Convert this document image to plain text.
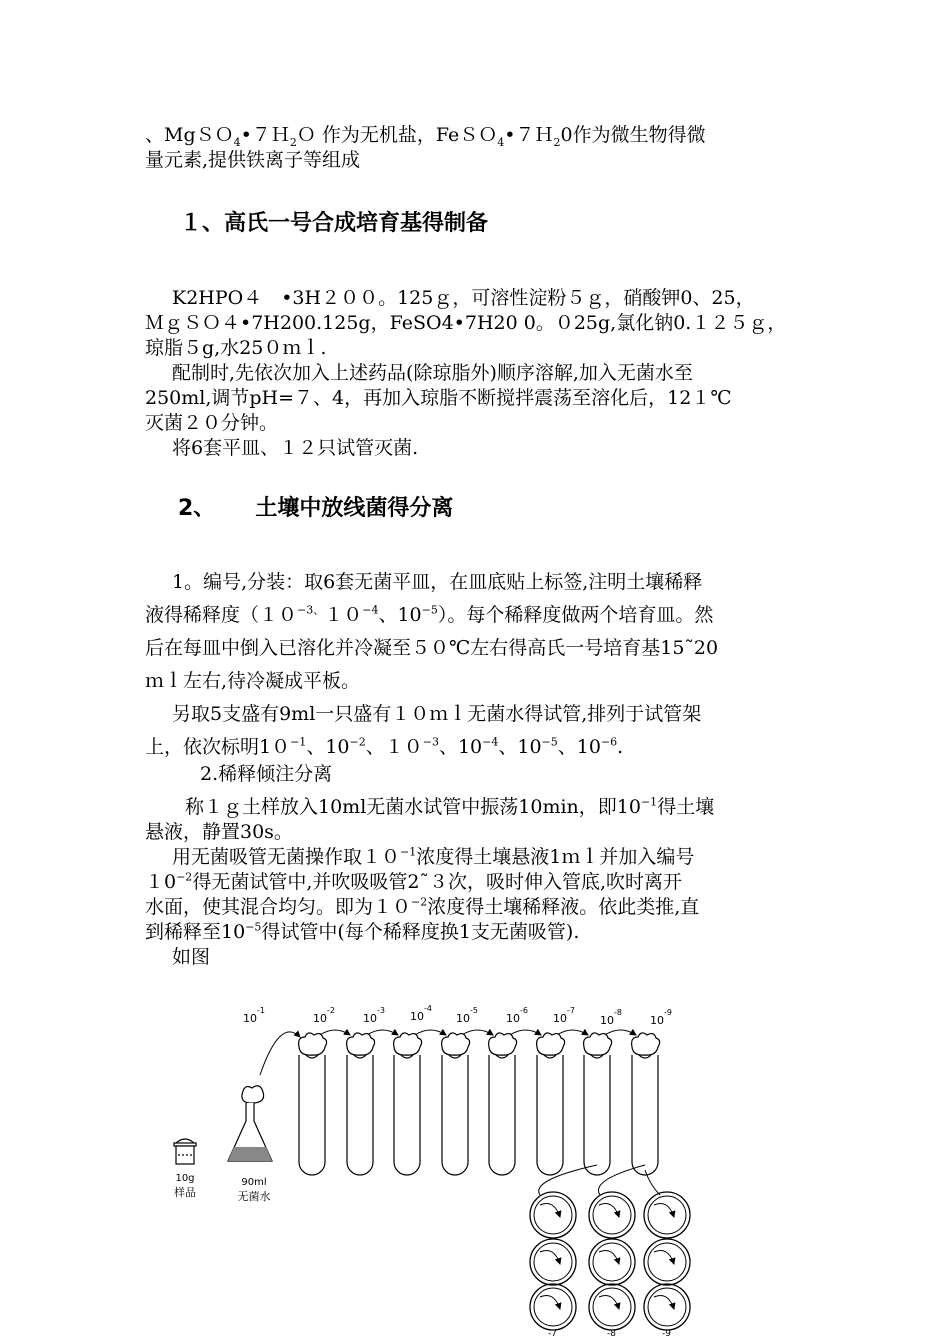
、MgＳＯ$_4$•７Ｈ$_2$Ｏ 作为无机盐，FeＳＯ$_4$•７Ｈ$_2$0作为微生物得微
量元素,提供铁离子等组成

１、高氏一号合成培育基得制备

K2HPO４　•3H２００。125ｇ，可溶性淀粉５ｇ，硝酸钾0、25，
ＭｇＳＯ４•7H200.125g，FeSO4•7H20 0。０25g,氯化钠0.１２５ｇ，
琼脂５g,水25０ｍｌ.

配制时,先依次加入上述药品(除琼脂外)顺序溶解,加入无菌水至
250ml,调节pH=７、4，再加入琼脂不断搅拌震荡至溶化后，12１℃
灭菌２０分钟。

将6套平皿、１２只试管灭菌.

2、 土壤中放线菌得分离

1。编号,分装：取6套无菌平皿，在皿底贴上标签,注明土壤稀释
液得稀释度（$10^{-3、}10^{-4}$、$10^{-5}$）。每个稀释度做两个培育皿。然
后在每皿中倒入已溶化并冷凝至５０℃左右得高氏一号培育基15˜20
ｍｌ左右,待冷凝成平板。

另取5支盛有9ml一只盛有１０ｍｌ无菌水得试管,排列于试管架
上，依次标明$10^{-1}$、$10^{-2}$、$10^{-3}$、$10^{-4}$、$10^{-5}$、$10^{-6}$.

2.稀释倾注分离

称１ｇ土样放入10ml无菌水试管中振荡10min，即$10^{-1}$得土壤
悬液，静置30s。

用无菌吸管无菌操作取$10^{-1}$浓度得土壤悬液1ｍｌ并加入编号
$10^{-2}$得无菌试管中,并吹吸吸管2˜３次，吸时伸入管底,吹时离开
水面，使其混合均匀。即为$10^{-2}$浓度得土壤稀释液。依此类推,直
到稀释至$10^{-5}$得试管中(每个稀释度换1支无菌吸管).

如图

$10^{-1}$
$10^{-2}$
$10^{-3}$ $10^{-4}$
$10^{-5}$
$10^{-6}$
$10^{-7}$
$10^{-8}$
$10^{-9}$
10g
样品
90ml
无菌水
-7	-8	-9
